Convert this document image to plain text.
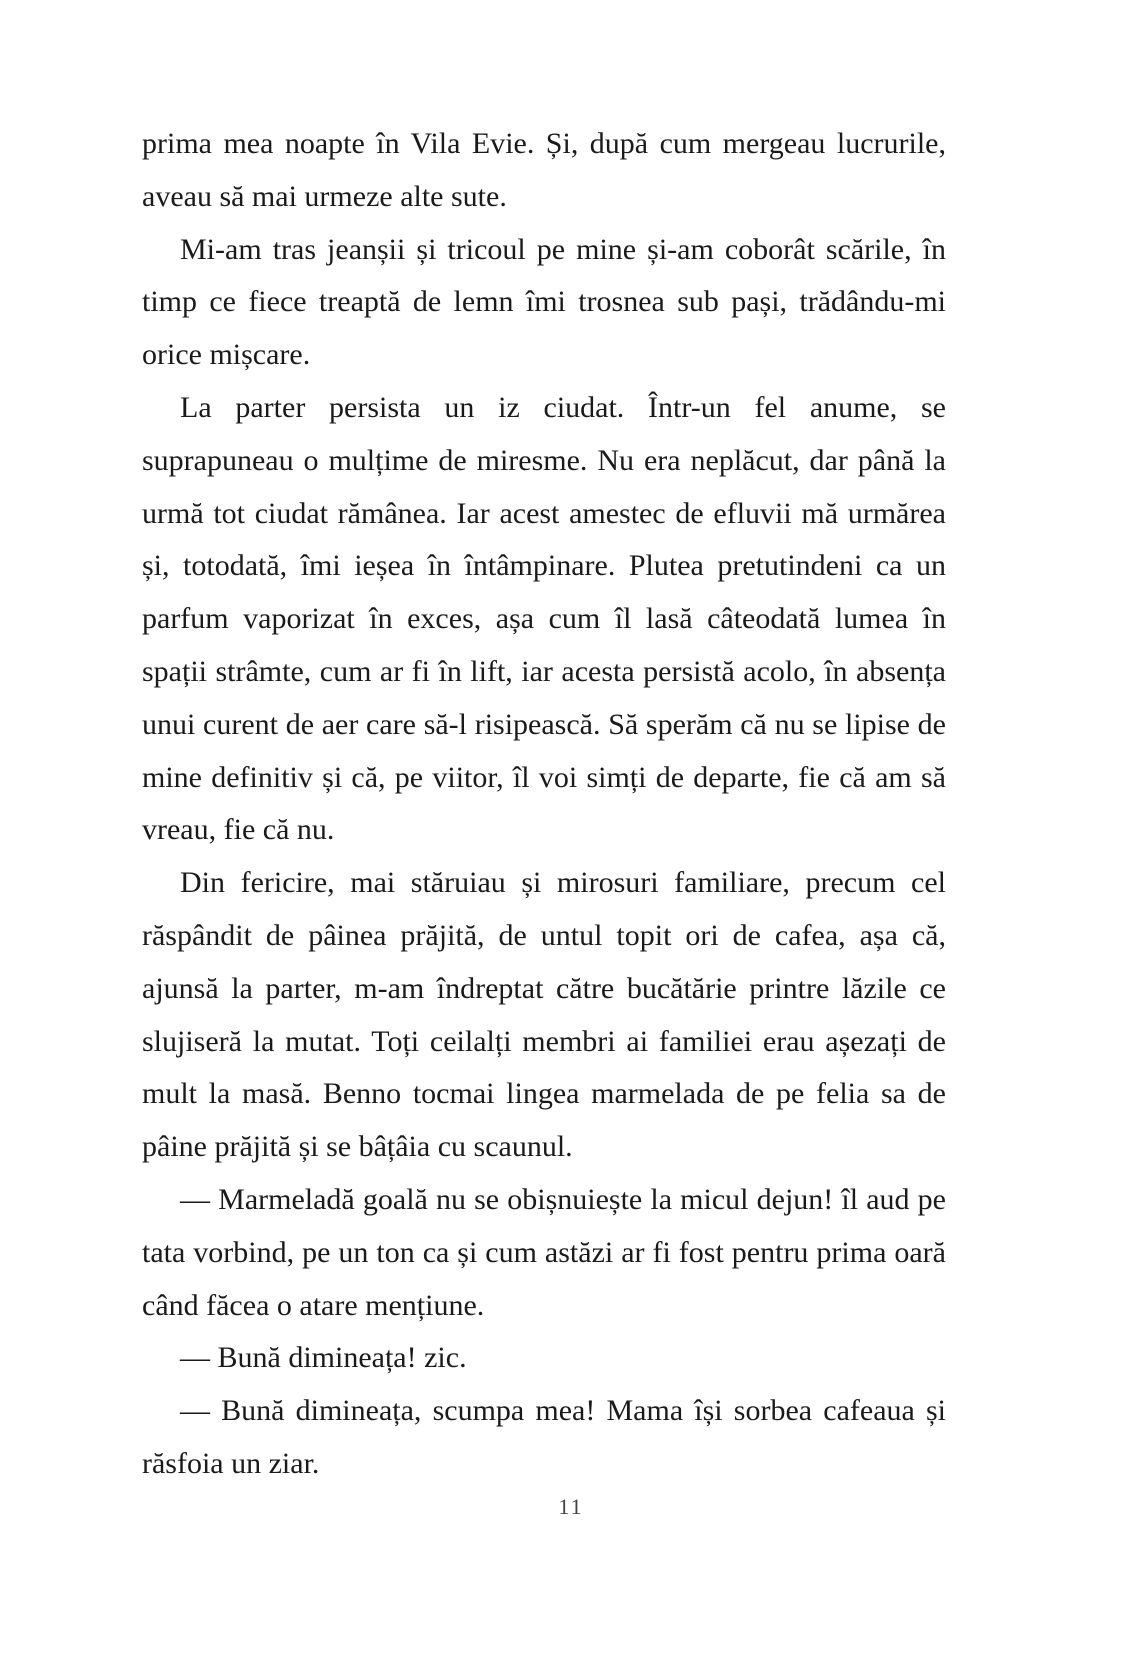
prima mea noapte în Vila Evie. Și, după cum mergeau lucrurile, aveau să mai urmeze alte sute.

Mi-am tras jeanșii și tricoul pe mine și-am coborât scările, în timp ce fiece treaptă de lemn îmi trosnea sub pași, trădându-mi orice mișcare.

La parter persista un iz ciudat. Într-un fel anume, se suprapuneau o mulțime de miresme. Nu era neplăcut, dar până la urmă tot ciudat rămânea. Iar acest amestec de efluvii mă urmărea și, totodată, îmi ieșea în întâmpinare. Plutea pretutindeni ca un parfum vaporizat în exces, așa cum îl lasă câteodată lumea în spații strâmte, cum ar fi în lift, iar acesta persistă acolo, în absența unui curent de aer care să-l risipească. Să sperăm că nu se lipise de mine definitiv și că, pe viitor, îl voi simți de departe, fie că am să vreau, fie că nu.

Din fericire, mai stăruiau și mirosuri familiare, precum cel răspândit de pâinea prăjită, de untul topit ori de cafea, așa că, ajunsă la parter, m-am îndreptat către bucătărie printre lăzile ce slujiseră la mutat. Toți ceilalți membri ai familiei erau așezați de mult la masă. Benno tocmai lingea marmelada de pe felia sa de pâine prăjită și se bâțâia cu scaunul.

— Marmeladă goală nu se obișnuiește la micul dejun! îl aud pe tata vorbind, pe un ton ca și cum astăzi ar fi fost pentru prima oară când făcea o atare mențiune.

— Bună dimineața! zic.

— Bună dimineața, scumpa mea! Mama își sorbea cafeaua și răsfoia un ziar.

11
